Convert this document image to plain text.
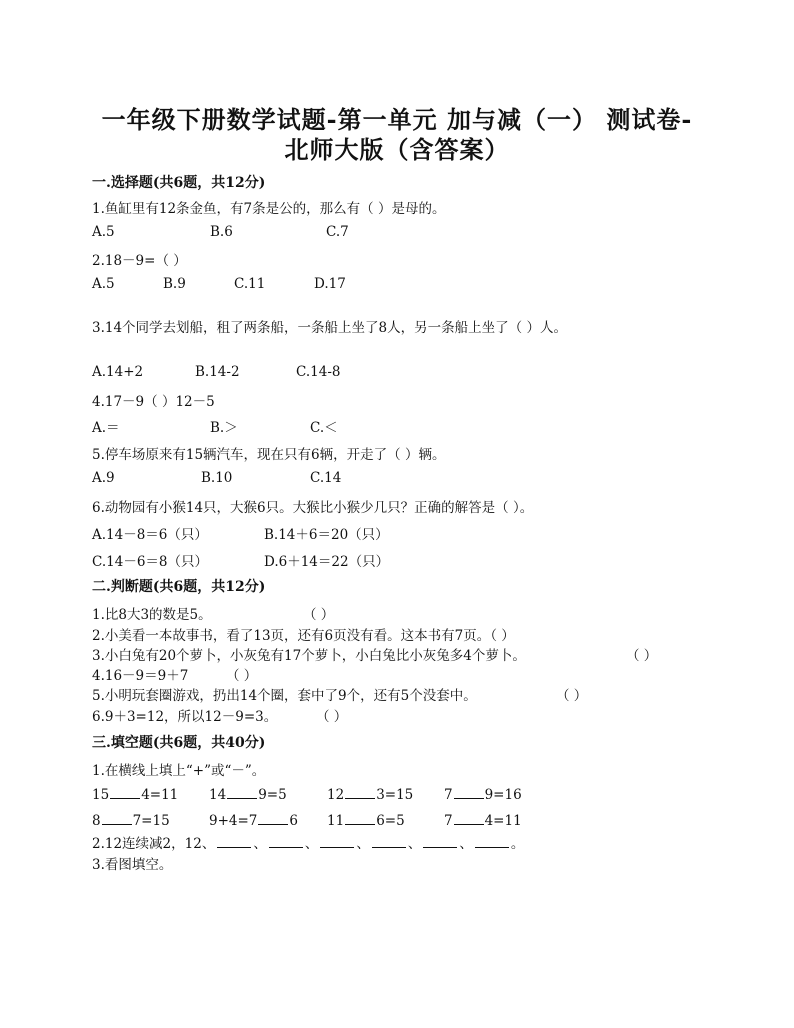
一年级下册数学试题-第一单元 加与减（一） 测试卷-
北师大版（含答案）
一.选择题(共6题，共12分)
1.鱼缸里有12条金鱼，有7条是公的，那么有（ ）是母的。
A.5	B.6	C.7
2.18－9=（ ）
A.5	B.9	C.11	D.17
3.14个同学去划船，租了两条船，一条船上坐了8人，另一条船上坐了（ ）人。
A.14+2	B.14-2	C.14-8
4.17－9（ ）12－5
A.＝	B.＞	C.＜
5.停车场原来有15辆汽车，现在只有6辆，开走了（ ）辆。
A.9	B.10	C.14
6.动物园有小猴14只，大猴6只。大猴比小猴少几只？正确的解答是（ ）。
A.14－8＝6（只）	B.14＋6＝20（只）
C.14－6＝8（只）	D.6＋14＝22（只）
二.判断题(共6题，共12分)
1.比8大3的数是5。	（ ）
2.小美看一本故事书，看了13页，还有6页没有看。这本书有7页。（ ）
3.小白兔有20个萝卜，小灰兔有17个萝卜，小白兔比小灰兔多4个萝卜。	（ ）
4.16－9＝9＋7	（ ）
5.小明玩套圈游戏，扔出14个圈，套中了9个，还有5个没套中。	（ ）
6.9＋3=12，所以12－9=3。	（ ）
三.填空题(共6题，共40分)
1.在横线上填上“+”或“－”。
15 4=11 14 9=5	12 3=15 7 9=16
8 7=15	9+4=7 6 11 6=5	7 4=11
2.12连续减2，12、	、	、	、	、	、	。
3.看图填空。
